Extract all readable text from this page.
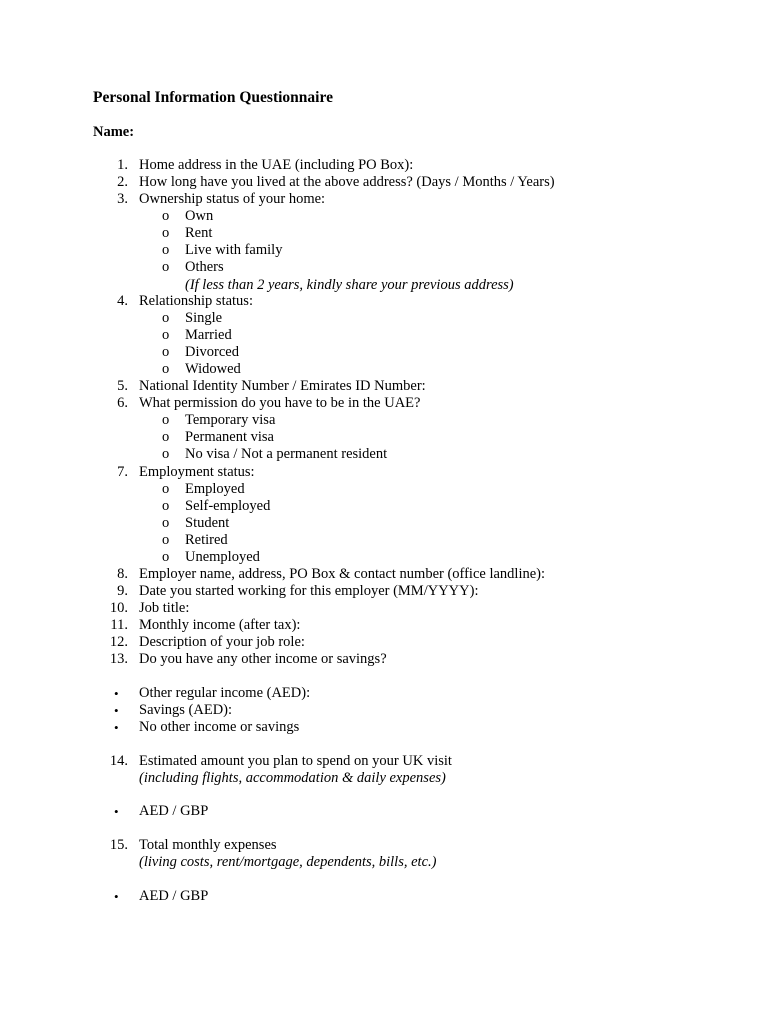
Personal Information Questionnaire
Name:
1. Home address in the UAE (including PO Box):
2. How long have you lived at the above address? (Days / Months / Years)
3. Ownership status of your home:
o Own
o Rent
o Live with family
o Others
(If less than 2 years, kindly share your previous address)
4. Relationship status:
o Single
o Married
o Divorced
o Widowed
5. National Identity Number / Emirates ID Number:
6. What permission do you have to be in the UAE?
o Temporary visa
o Permanent visa
o No visa / Not a permanent resident
7. Employment status:
o Employed
o Self-employed
o Student
o Retired
o Unemployed
8. Employer name, address, PO Box & contact number (office landline):
9. Date you started working for this employer (MM/YYYY):
10. Job title:
11. Monthly income (after tax):
12. Description of your job role:
13. Do you have any other income or savings?
• Other regular income (AED):
• Savings (AED):
• No other income or savings
14. Estimated amount you plan to spend on your UK visit
(including flights, accommodation & daily expenses)
• AED / GBP
15. Total monthly expenses
(living costs, rent/mortgage, dependents, bills, etc.)
• AED / GBP
